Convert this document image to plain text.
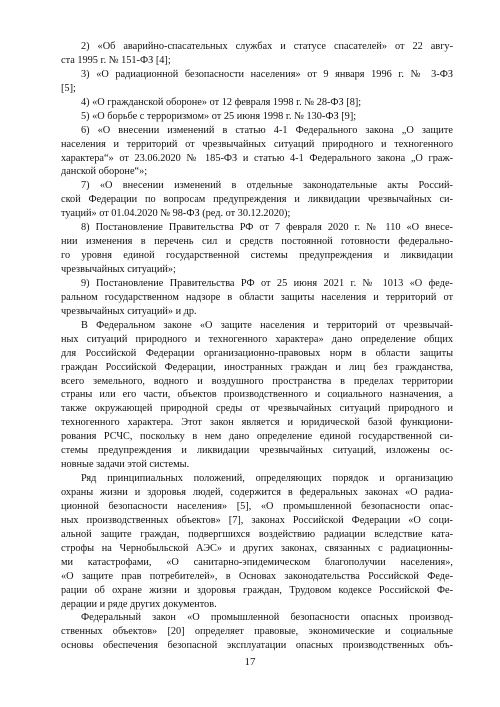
2) «Об аварийно-спасательных службах и статусе спасателей» от 22 авгу-
ста 1995 г. № 151-ФЗ [4];
3) «О радиационной безопасности населения» от 9 января 1996 г. № 3-ФЗ
[5];
4) «О гражданской обороне» от 12 февраля 1998 г. № 28-ФЗ [8];
5) «О борьбе с терроризмом» от 25 июня 1998 г. № 130-ФЗ [9];
6) «О внесении изменений в статью 4-1 Федерального закона „О защите
населения и территорий от чрезвычайных ситуаций природного и техногенного
характера“» от 23.06.2020 № 185-ФЗ и статью 4-1 Федерального закона „О граж-
данской обороне“»;
7) «О внесении изменений в отдельные законодательные акты Россий-
ской Федерации по вопросам предупреждения и ликвидации чрезвычайных си-
туаций» от 01.04.2020 № 98-ФЗ (ред. от 30.12.2020);
8) Постановление Правительства РФ от 7 февраля 2020 г. № 110 «О внесе-
нии изменения в перечень сил и средств постоянной готовности федерально-
го уровня единой государственной системы предупреждения и ликвидации
чрезвычайных ситуаций»;
9) Постановление Правительства РФ от 25 июня 2021 г. № 1013 «О феде-
ральном государственном надзоре в области защиты населения и территорий от
чрезвычайных ситуаций» и др.
В Федеральном законе «О защите населения и территорий от чрезвычай-
ных ситуаций природного и техногенного характера» дано определение общих
для Российской Федерации организационно-правовых норм в области защиты
граждан Российской Федерации, иностранных граждан и лиц без гражданства,
всего земельного, водного и воздушного пространства в пределах территории
страны или его части, объектов производственного и социального назначения, а
также окружающей природной среды от чрезвычайных ситуаций природного и
техногенного характера. Этот закон является и юридической базой функциони-
рования РСЧС, поскольку в нем дано определение единой государственной си-
стемы предупреждения и ликвидации чрезвычайных ситуаций, изложены ос-
новные задачи этой системы.
Ряд принципиальных положений, определяющих порядок и организацию
охраны жизни и здоровья людей, содержится в федеральных законах «О радиа-
ционной безопасности населения» [5], «О промышленной безопасности опас-
ных производственных объектов» [7], законах Российской Федерации «О соци-
альной защите граждан, подвергшихся воздействию радиации вследствие ката-
строфы на Чернобыльской АЭС» и других законах, связанных с радиационны-
ми катастрофами, «О санитарно-эпидемическом благополучии населения»,
«О защите прав потребителей», в Основах законодательства Российской Феде-
рации об охране жизни и здоровья граждан, Трудовом кодексе Российской Фе-
дерации и ряде других документов.
Федеральный закон «О промышленной безопасности опасных производ-
ственных объектов» [20] определяет правовые, экономические и социальные
основы обеспечения безопасной эксплуатации опасных производственных объ-
17
